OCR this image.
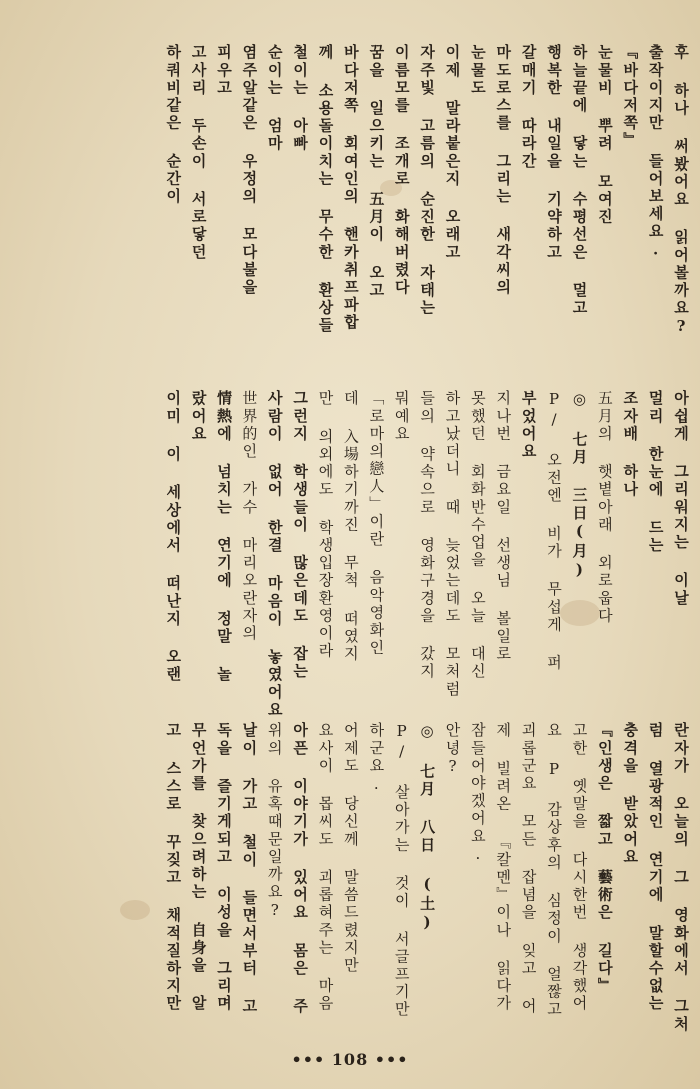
후 하나 써봤어요 읽어볼까요?
출작이지만 들어보세요.
『바다저쪽』
눈물비 뿌려 모여진
하늘끝에 닿는 수평선은 멀고
행복한 내일을 기약하고
갈매기 따라간
마도로스를 그리는 새각씨의
눈물도
이제 말라붙은지 오래고
자주빛 고름의 순진한 자태는
이름모를 조개로 화해버렸다
꿈을 일으키는 五月이 오고
바다저쪽 회여인의 핸카취프파합
께 소용돌이치는 무수한 환상들
철이는 아빠
순이는 엄마
염주알같은 우정의 모다불을
피우고
고사리 두손이 서로닿던
하쿼비같은 순간이
아쉽게 그리워지는 이날
멀리 한눈에 드는
조자배 하나
五月의 햇볕아래 외로웁다
◎ 七月 三日(月)
P/ 오전엔 비가 무섭게 퍼
부었어요
지나번 금요일 선생님 볼일로
못했던 회화반수업을 오늘 대신
하고났더니 때 늦었는데도 모처럼
들의 약속으로 영화구경을 갔지
뭐예요
「로마의戀人」이란 음악영화인
데 入場하기까진 무척 떠였지
만 의외에도 학생입장환영이라
그런지 학생들이 많은데도 잡는
사람이 없어 한결 마음이 놓였어요
世界的인 가수 마리오란자의
情熱에 넘치는 연기에 정말 놀
랐어요
이미 이 세상에서 떠난지 오랜
란자가 오늘의 그 영화에서 그처
럼 열광적인 연기에 말할수없는
충격을 받았어요
『인생은 짧고 藝術은 길다』
고한 옛말을 다시한번 생각했어
요 P 감상후의 심정이 얼짢고
괴롭군요 모든 잡념을 잊고 어
제 빌려온 『칼멘』이나 읽다가
잠들어야겠어요.
안녕?
◎ 七月 八日 (土)
P/ 살아가는 것이 서글프기만
하군요.
어제도 당신께 말씀드렸지만
요사이 몹씨도 괴롭혀주는 마음
아픈 이야기가 있어요 몸은 주
위의 유혹때문일까요?
날이 가고 철이 들면서부터 고
독을 즐기게되고 이성을 그리며
무언가를 찾으려하는 自身을 알
고 스스로 꾸짖고 채적질하지만
••• 108 •••
